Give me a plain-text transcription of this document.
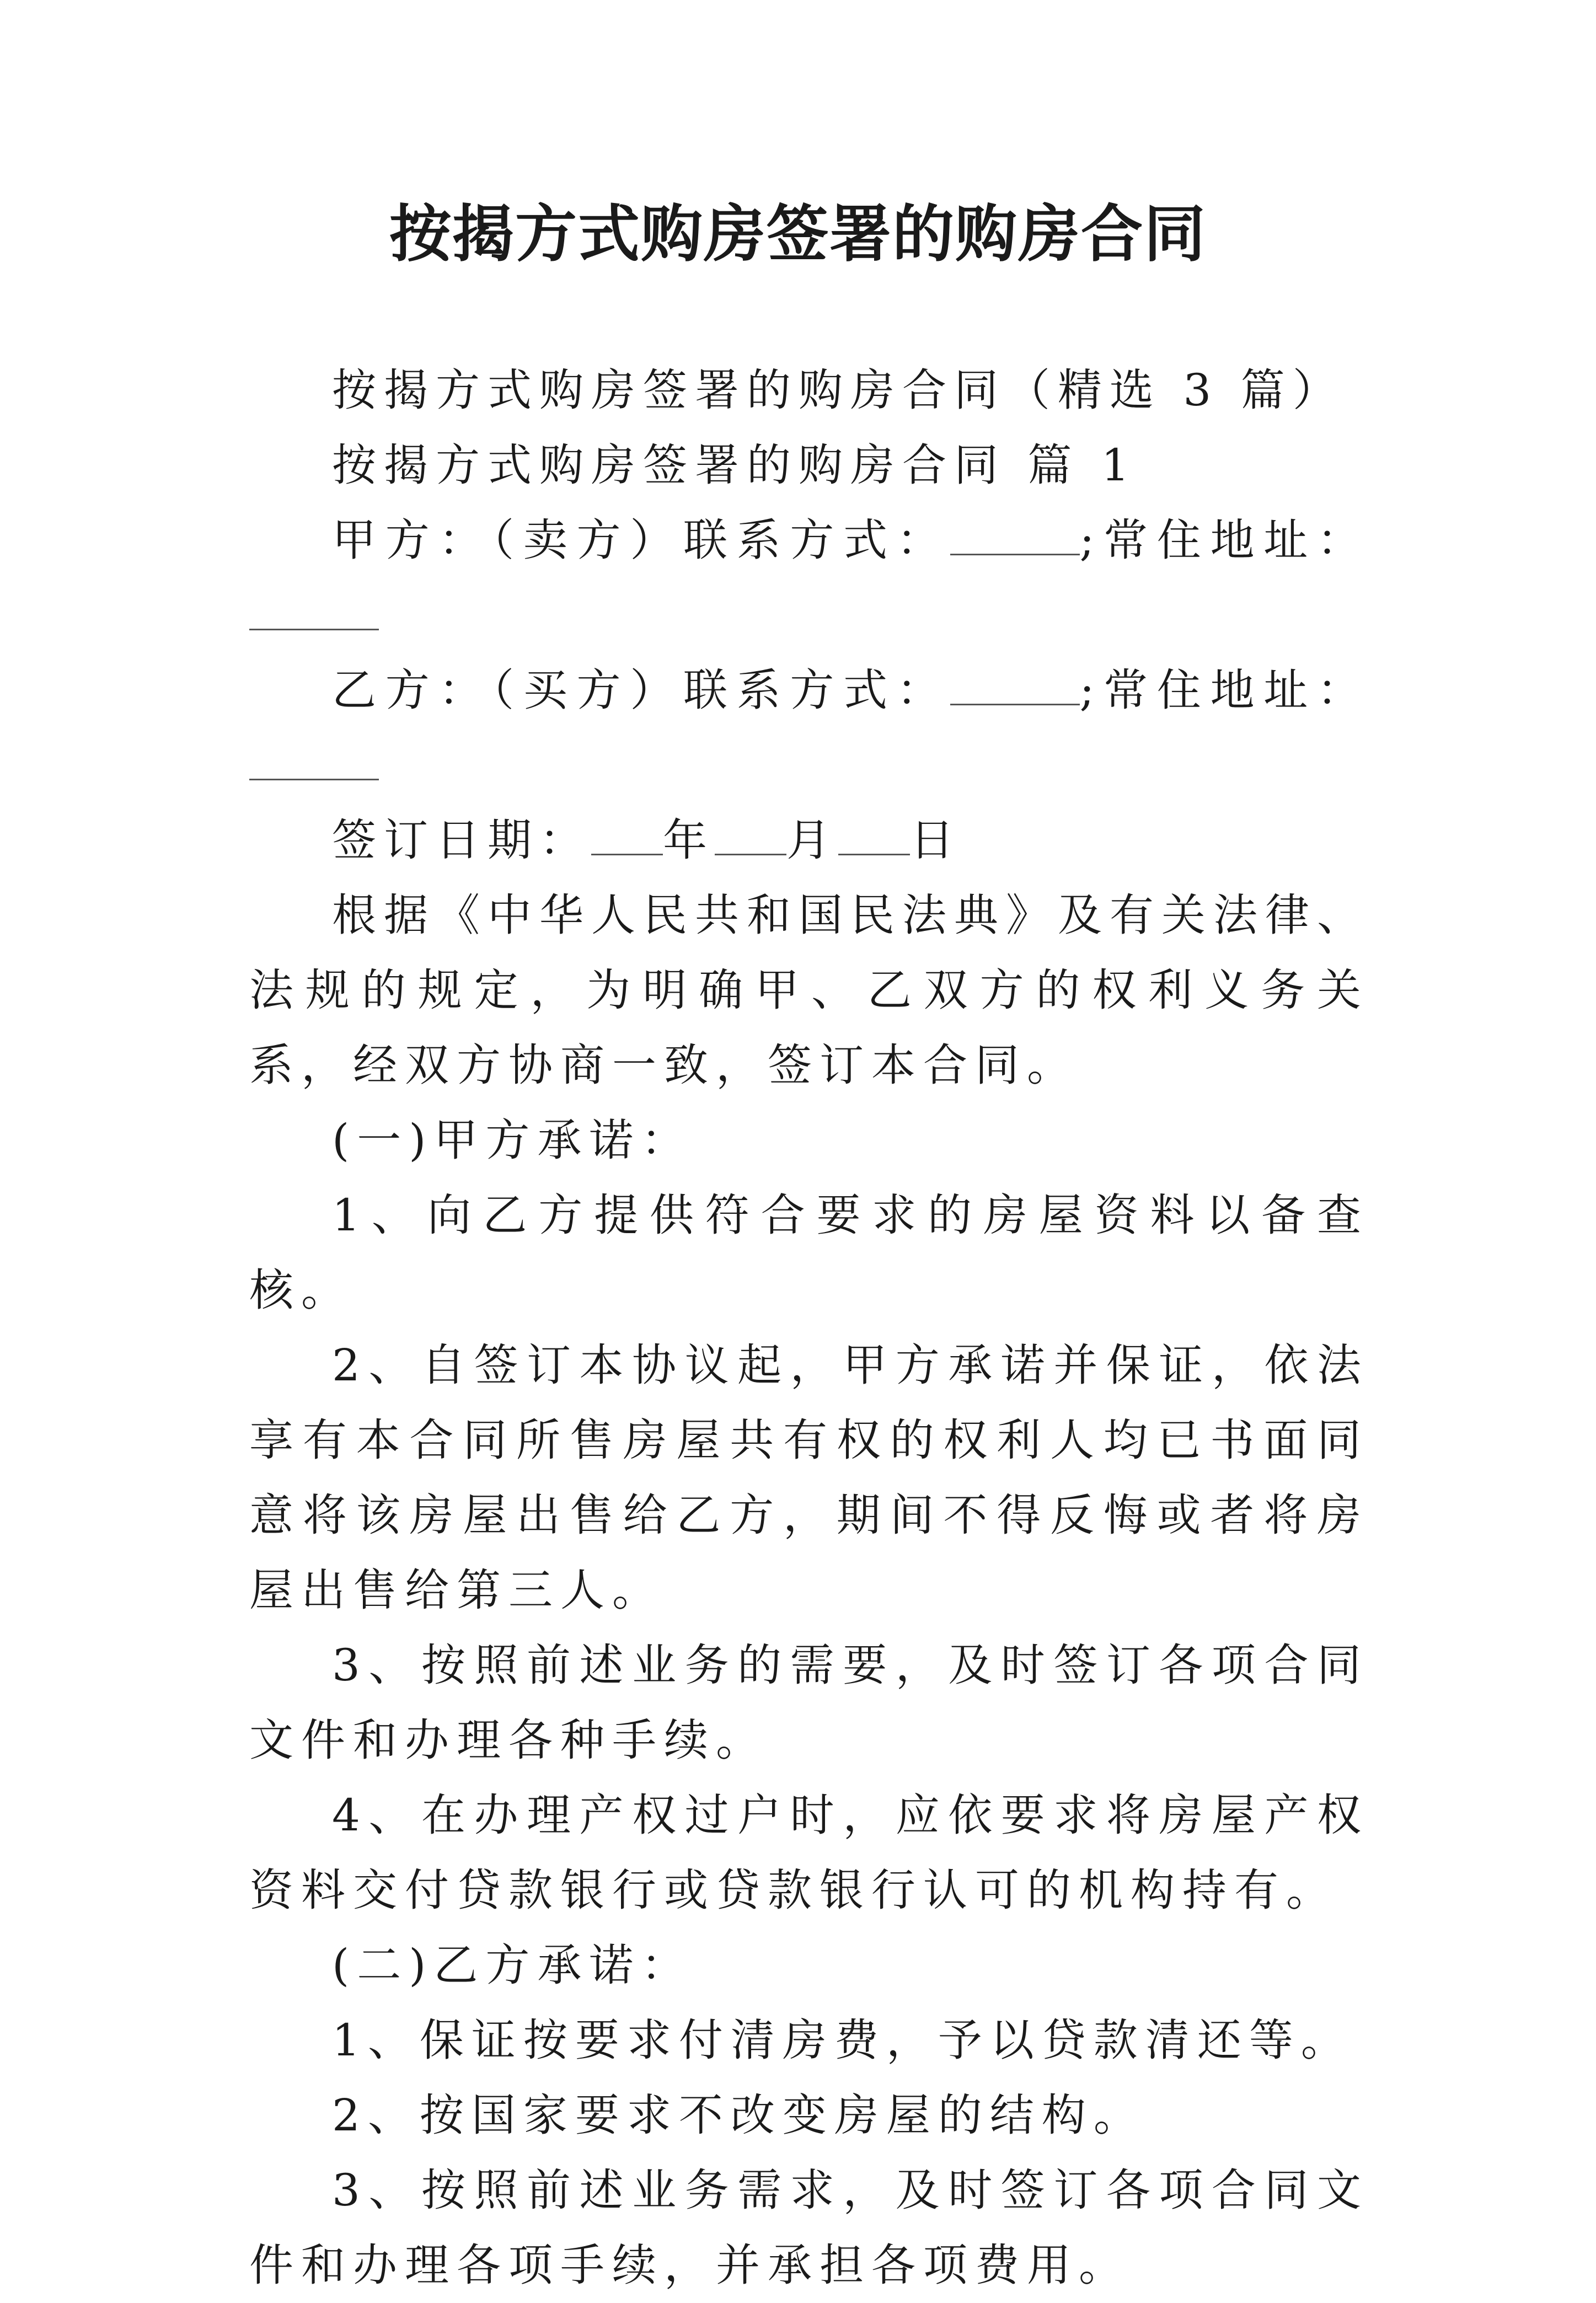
按揭方式购房签署的购房合同

按揭方式购房签署的购房合同（精选 3 篇）

按揭方式购房签署的购房合同 篇 1

甲方：（卖方）联系方式：	;常住地址：

乙方：（买方）联系方式：	;常住地址：

签订日期： 年 月 日

根据《中华人民共和国民法典》及有关法律、法规的规定，为明确甲、乙双方的权利义务关系，经双方协商一致，签订本合同。

(一)甲方承诺：

1、向乙方提供符合要求的房屋资料以备查核。

2、自签订本协议起，甲方承诺并保证，依法享有本合同所售房屋共有权的权利人均已书面同意将该房屋出售给乙方，期间不得反悔或者将房屋出售给第三人。

3、按照前述业务的需要，及时签订各项合同文件和办理各种手续。

4、在办理产权过户时，应依要求将房屋产权资料交付贷款银行或贷款银行认可的机构持有。

(二)乙方承诺：

1、保证按要求付清房费，予以贷款清还等。

2、按国家要求不改变房屋的结构。

3、按照前述业务需求，及时签订各项合同文件和办理各项手续，并承担各项费用。
